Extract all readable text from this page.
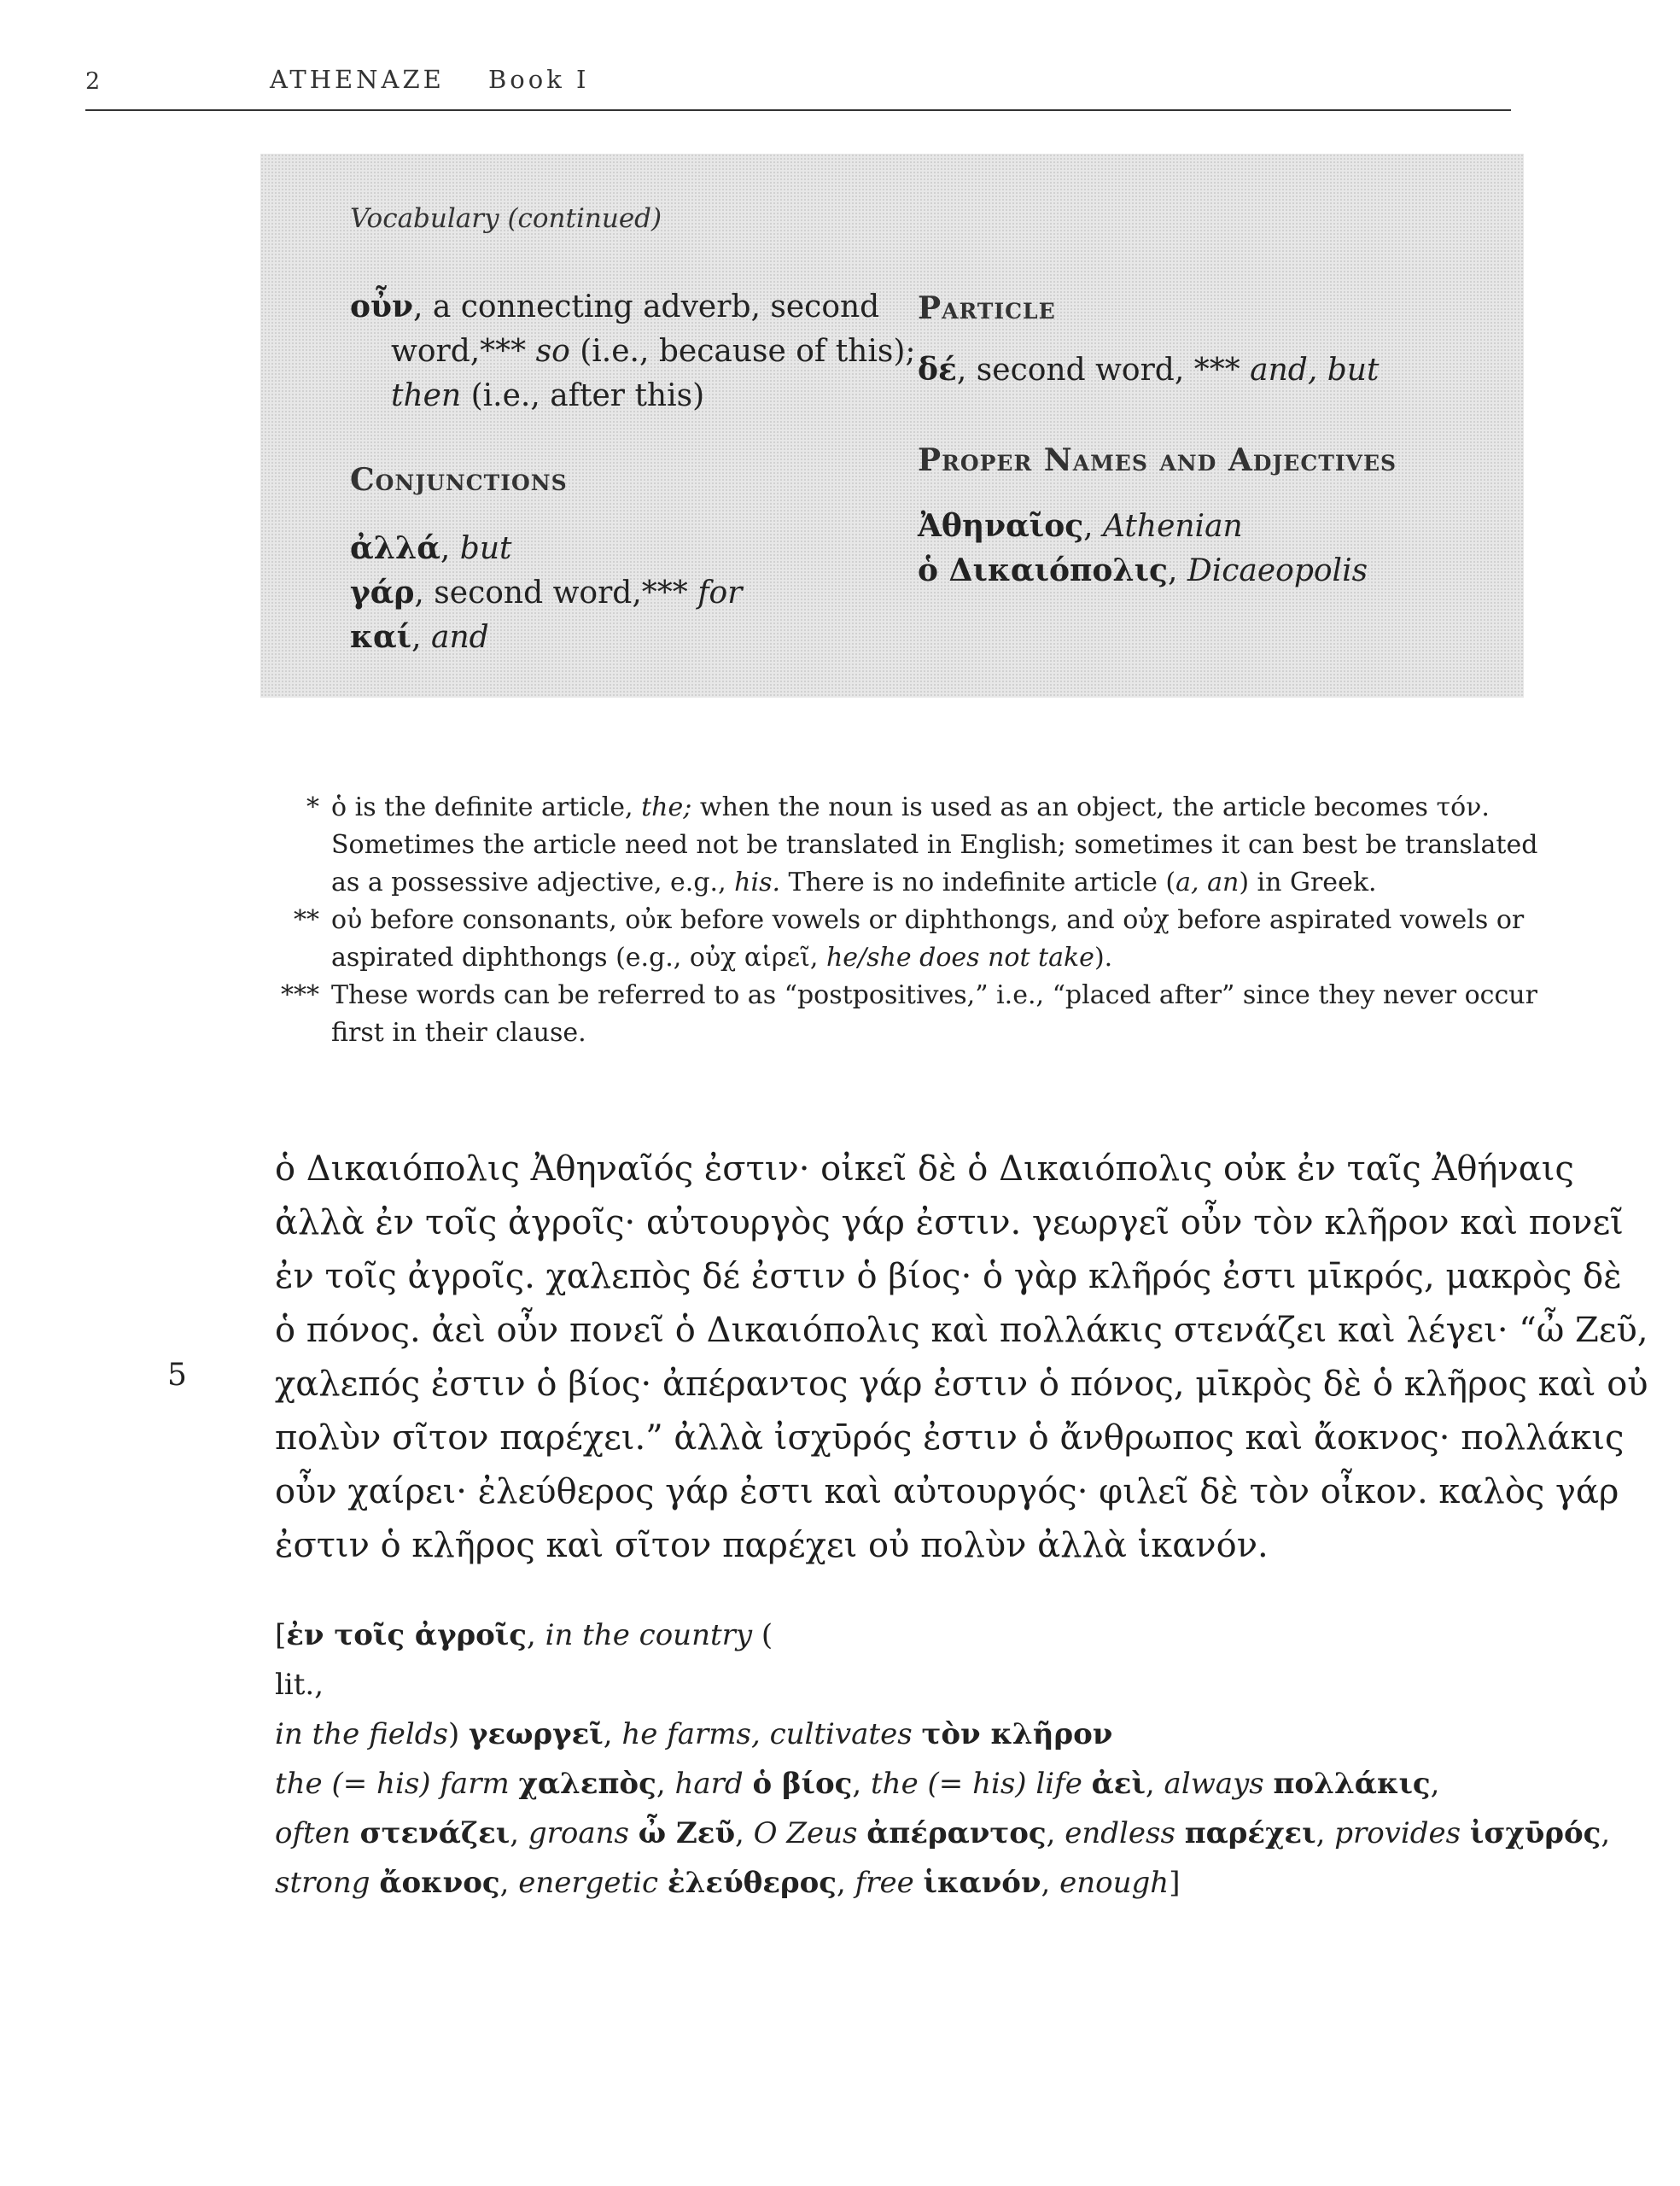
2	ATHENAZE Book I
Vocabulary (continued)
οὖν, a connecting adverb, second
word,*** so (i.e., because of this);
then (i.e., after this)
Conjunctions
ἀλλά, but
γάρ, second word,*** for
καί, and
Particle
δέ, second word, *** and, but
Proper Names and Adjectives
Ἀθηναῖος, Athenian
ὁ Δικαιόπολις, Dicaeopolis
* ὁ is the definite article, the; when the noun is used as an object, the article becomes τόν. Sometimes the article need not be translated in English; sometimes it can best be translated as a possessive adjective, e.g., his. There is no indefinite article (a, an) in Greek.
** οὐ before consonants, οὐκ before vowels or diphthongs, and οὐχ before aspirated vowels or aspirated diphthongs (e.g., οὐχ αἱρεῖ, he/she does not take).
*** These words can be referred to as “postpositives,” i.e., “placed after” since they never occur first in their clause.
5
ὁ Δικαιόπολις Ἀθηναῖός ἐστιν· οἰκεῖ δὲ ὁ Δικαιόπολις οὐκ ἐν ταῖς Ἀθήναις
ἀλλὰ ἐν τοῖς ἀγροῖς· αὐτουργὸς γάρ ἐστιν. γεωργεῖ οὖν τὸν κλῆρον καὶ πονεῖ
ἐν τοῖς ἀγροῖς. χαλεπὸς δέ ἐστιν ὁ βίος· ὁ γὰρ κλῆρός ἐστι μῑκρός, μακρὸς δὲ
ὁ πόνος. ἀεὶ οὖν πονεῖ ὁ Δικαιόπολις καὶ πολλάκις στενάζει καὶ λέγει· “ὦ Ζεῦ,
χαλεπός ἐστιν ὁ βίος· ἀπέραντος γάρ ἐστιν ὁ πόνος, μῑκρὸς δὲ ὁ κλῆρος καὶ οὐ
πολὺν σῖτον παρέχει.” ἀλλὰ ἰσχῡρός ἐστιν ὁ ἄνθρωπος καὶ ἄοκνος· πολλάκις
οὖν χαίρει· ἐλεύθερος γάρ ἐστι καὶ αὐτουργός· φιλεῖ δὲ τὸν οἶκον. καλὸς γάρ
ἐστιν ὁ κλῆρος καὶ σῖτον παρέχει οὐ πολὺν ἀλλὰ ἱκανόν.
[ἐν τοῖς ἀγροῖς, in the country (
lit.,
in the fields) γεωργεῖ, he farms, cultivates τὸν κλῆρον
the (= his) farm χαλεπὸς, hard ὁ βίος, the (= his) life ἀεὶ, always πολλάκις,
often στενάζει, groans ὦ Ζεῦ, O Zeus ἀπέραντος, endless παρέχει, provides ἰσχῡρός,
strong ἄοκνος, energetic ἐλεύθερος, free ἱκανόν, enough]
